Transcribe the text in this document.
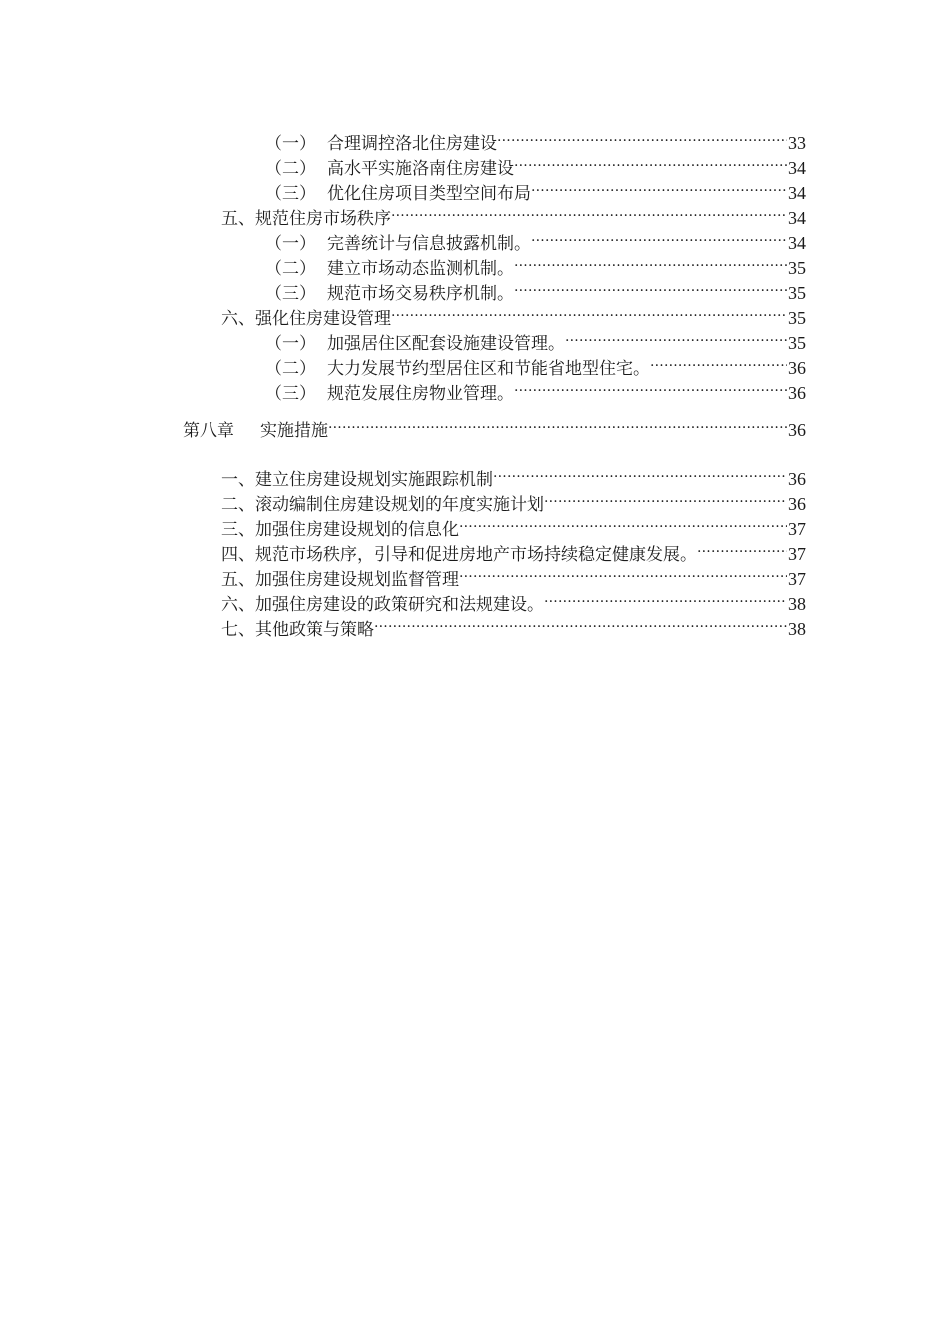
（一） 合理调控洛北住房建设 .....	33
（二） 高水平实施洛南住房建设 .....	34
（三） 优化住房项目类型空间布局 .....	34
五、 规范住房市场秩序 .....	34
（一） 完善统计与信息披露机制。 .....	34
（二） 建立市场动态监测机制。 .....	35
（三） 规范市场交易秩序机制。 .....	35
六、 强化住房建设管理 .....	35
（一） 加强居住区配套设施建设管理。 .....	35
（二） 大力发展节约型居住区和节能省地型住宅。 .....	36
（三） 规范发展住房物业管理。 .....	36
第八章	实施措施 .....	36
一、 建立住房建设规划实施跟踪机制 .....	36
二、 滚动编制住房建设规划的年度实施计划 .....	36
三、 加强住房建设规划的信息化 .....	37
四、 规范市场秩序，引导和促进房地产市场持续稳定健康发展。 .....	37
五、 加强住房建设规划监督管理 .....	37
六、 加强住房建设的政策研究和法规建设。 .....	38
七、 其他政策与策略 .....	38
